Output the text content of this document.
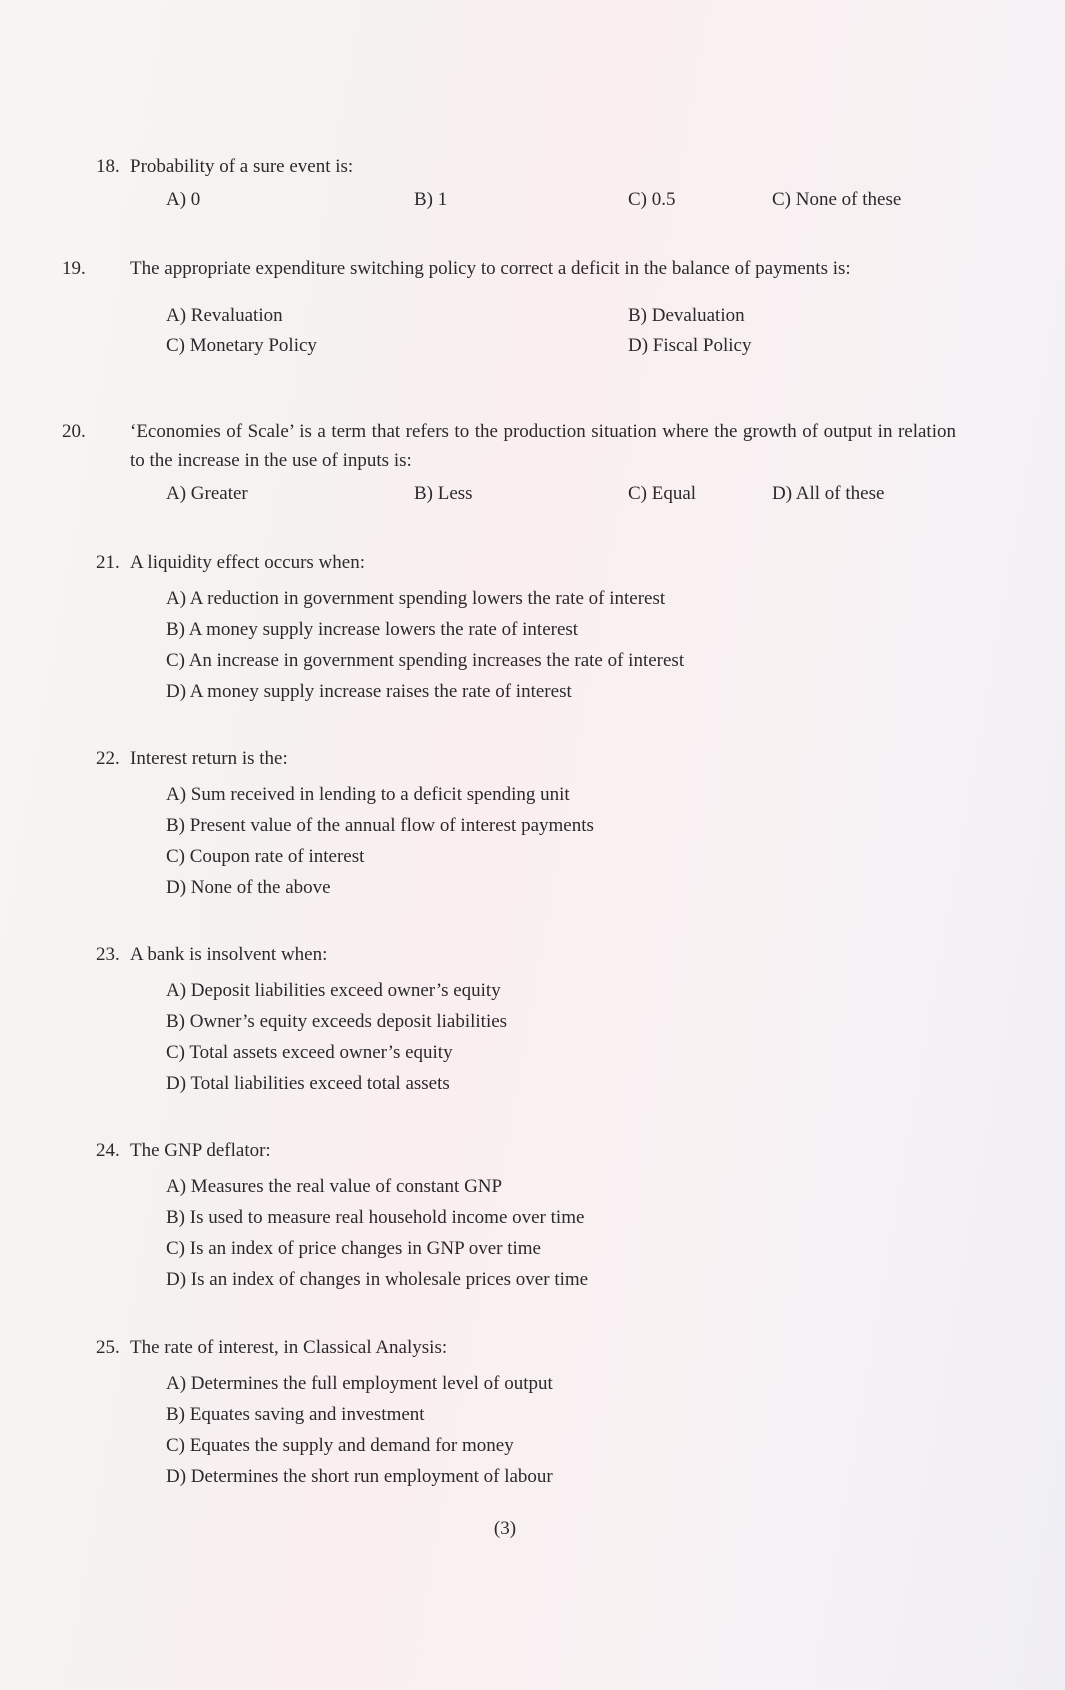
18. Probability of a sure event is:

A) 0	B) 1	C) 0.5	C) None of these

19. The appropriate expenditure switching policy to correct a deficit in the balance of payments is:

A) Revaluation	B) Devaluation
C) Monetary Policy	D) Fiscal Policy

20. ‘Economies of Scale’ is a term that refers to the production situation where the growth of output in relation to the increase in the use of inputs is:

A) Greater	B) Less	C) Equal	D) All of these

21. A liquidity effect occurs when:

A) A reduction in government spending lowers the rate of interest
B) A money supply increase lowers the rate of interest
C) An increase in government spending increases the rate of interest
D) A money supply increase raises the rate of interest

22. Interest return is the:

A) Sum received in lending to a deficit spending unit
B) Present value of the annual flow of interest payments
C) Coupon rate of interest
D) None of the above

23. A bank is insolvent when:

A) Deposit liabilities exceed owner’s equity
B) Owner’s equity exceeds deposit liabilities
C) Total assets exceed owner’s equity
D) Total liabilities exceed total assets

24. The GNP deflator:

A) Measures the real value of constant GNP
B) Is used to measure real household income over time
C) Is an index of price changes in GNP over time
D) Is an index of changes in wholesale prices over time

25. The rate of interest, in Classical Analysis:

A) Determines the full employment level of output
B) Equates saving and investment
C) Equates the supply and demand for money
D) Determines the short run employment of labour
(3)
